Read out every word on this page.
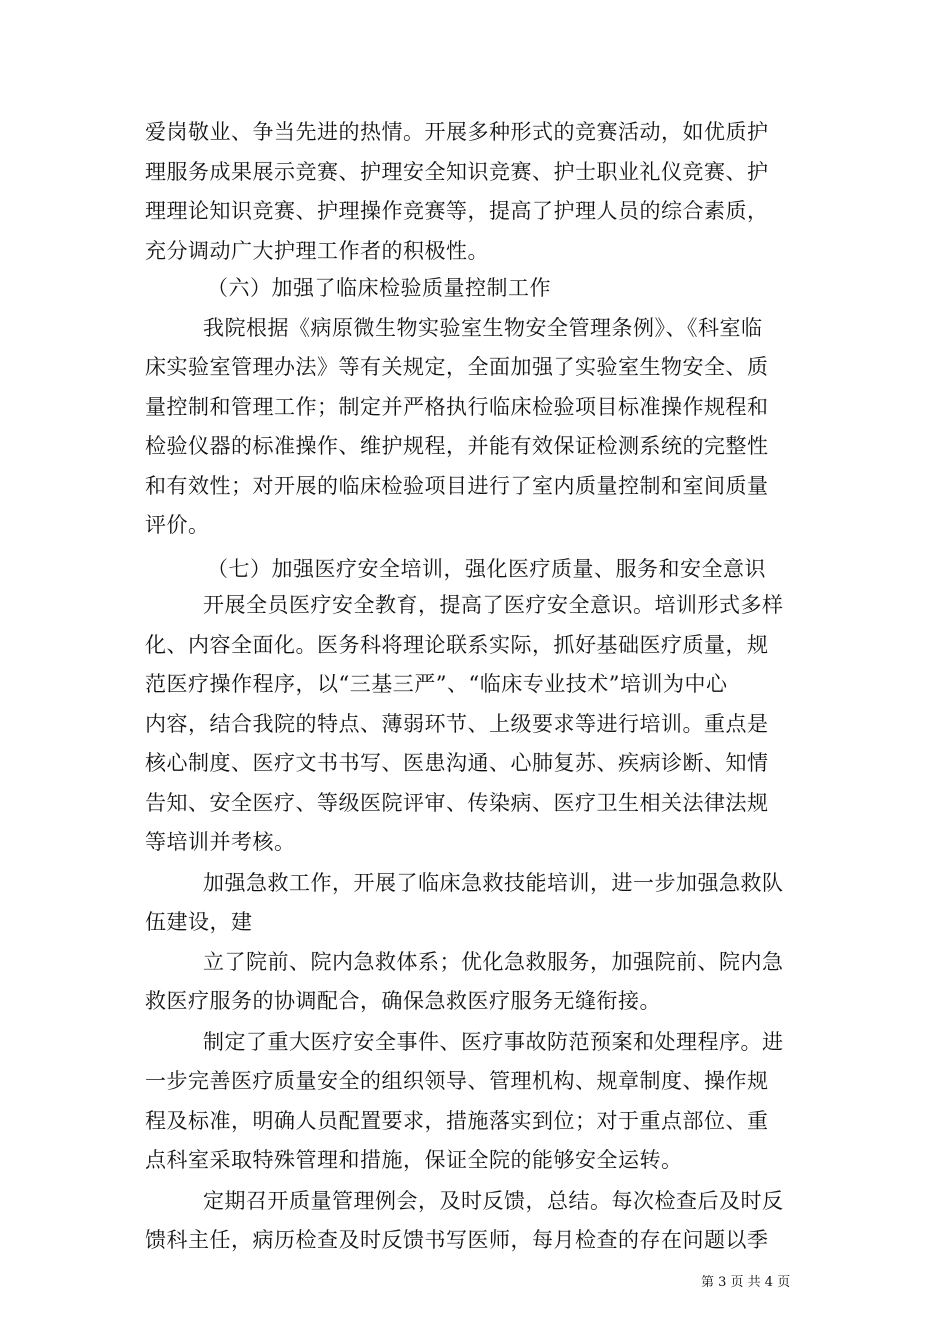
爱岗敬业、争当先进的热情。开展多种形式的竞赛活动，如优质护
理服务成果展示竞赛、护理安全知识竞赛、护士职业礼仪竞赛、护
理理论知识竞赛、护理操作竞赛等，提高了护理人员的综合素质，
充分调动广大护理工作者的积极性。
（六）加强了临床检验质量控制工作
我院根据《病原微生物实验室生物安全管理条例》、《科室临
床实验室管理办法》等有关规定，全面加强了实验室生物安全、质
量控制和管理工作；制定并严格执行临床检验项目标准操作规程和
检验仪器的标准操作、维护规程，并能有效保证检测系统的完整性
和有效性；对开展的临床检验项目进行了室内质量控制和室间质量
评价。
（七）加强医疗安全培训，强化医疗质量、服务和安全意识
开展全员医疗安全教育，提高了医疗安全意识。培训形式多样
化、内容全面化。医务科将理论联系实际，抓好基础医疗质量，规
范医疗操作程序，以“三基三严”、“临床专业技术”培训为中心
内容，结合我院的特点、薄弱环节、上级要求等进行培训。重点是
核心制度、医疗文书书写、医患沟通、心肺复苏、疾病诊断、知情
告知、安全医疗、等级医院评审、传染病、医疗卫生相关法律法规
等培训并考核。
加强急救工作，开展了临床急救技能培训，进一步加强急救队
伍建设，建
立了院前、院内急救体系；优化急救服务，加强院前、院内急
救医疗服务的协调配合，确保急救医疗服务无缝衔接。
制定了重大医疗安全事件、医疗事故防范预案和处理程序。进
一步完善医疗质量安全的组织领导、管理机构、规章制度、操作规
程及标准，明确人员配置要求，措施落实到位；对于重点部位、重
点科室采取特殊管理和措施，保证全院的能够安全运转。
定期召开质量管理例会，及时反馈，总结。每次检查后及时反
馈科主任，病历检查及时反馈书写医师，每月检查的存在问题以季
第 3 页 共 4 页
